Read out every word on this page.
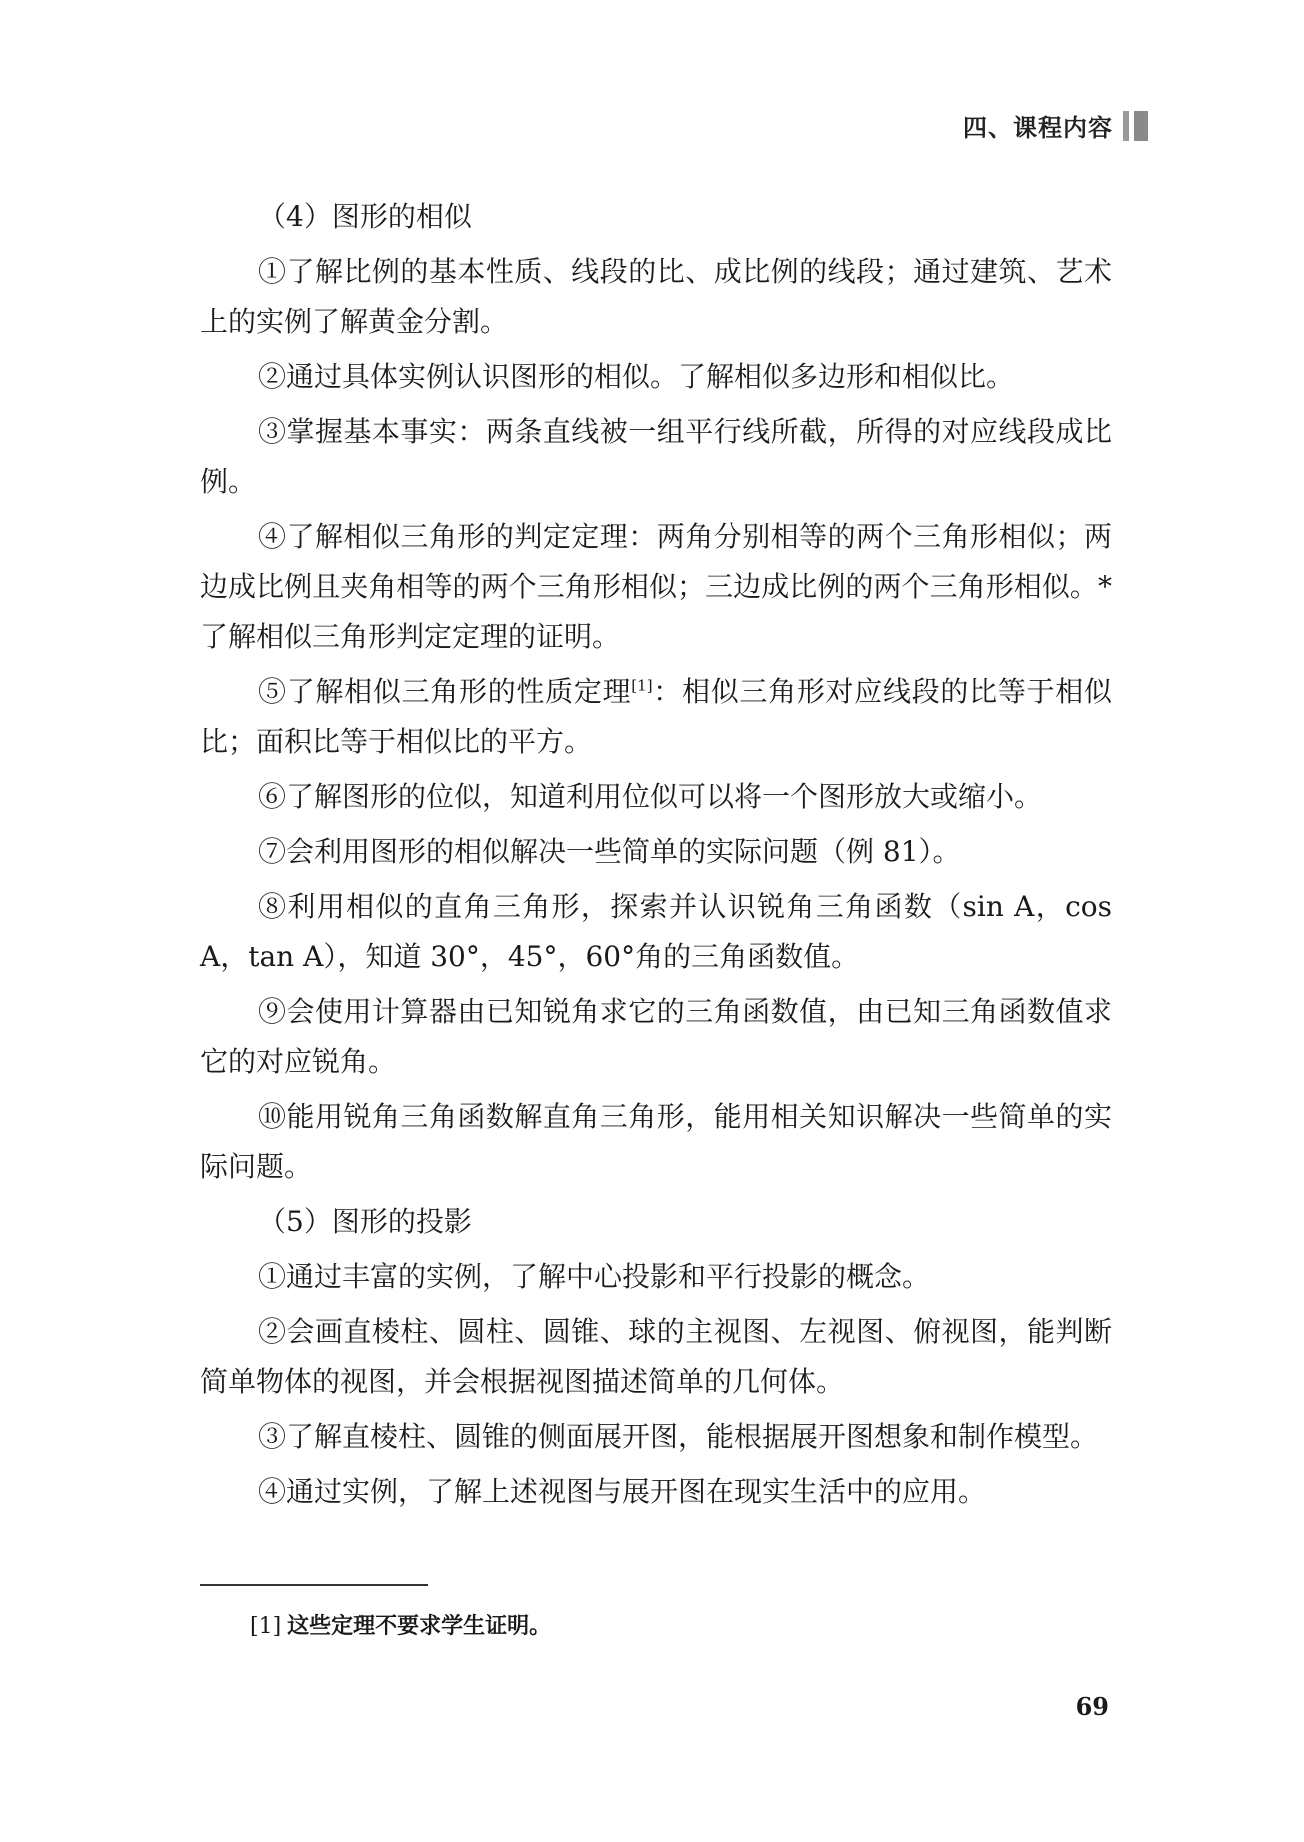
四、课程内容

（4）图形的相似

①了解比例的基本性质、线段的比、成比例的线段；通过建筑、艺术上的实例了解黄金分割。

②通过具体实例认识图形的相似。了解相似多边形和相似比。

③掌握基本事实：两条直线被一组平行线所截，所得的对应线段成比例。

④了解相似三角形的判定定理：两角分别相等的两个三角形相似；两边成比例且夹角相等的两个三角形相似；三边成比例的两个三角形相似。* 了解相似三角形判定定理的证明。

⑤了解相似三角形的性质定理[1]：相似三角形对应线段的比等于相似比；面积比等于相似比的平方。

⑥了解图形的位似，知道利用位似可以将一个图形放大或缩小。

⑦会利用图形的相似解决一些简单的实际问题（例 81）。

⑧利用相似的直角三角形，探索并认识锐角三角函数（sin A，cos A，tan A），知道 30°，45°，60°角的三角函数值。

⑨会使用计算器由已知锐角求它的三角函数值，由已知三角函数值求它的对应锐角。

⑩能用锐角三角函数解直角三角形，能用相关知识解决一些简单的实际问题。

（5）图形的投影

①通过丰富的实例，了解中心投影和平行投影的概念。

②会画直棱柱、圆柱、圆锥、球的主视图、左视图、俯视图，能判断简单物体的视图，并会根据视图描述简单的几何体。

③了解直棱柱、圆锥的侧面展开图，能根据展开图想象和制作模型。

④通过实例，了解上述视图与展开图在现实生活中的应用。

[1] 这些定理不要求学生证明。
69
